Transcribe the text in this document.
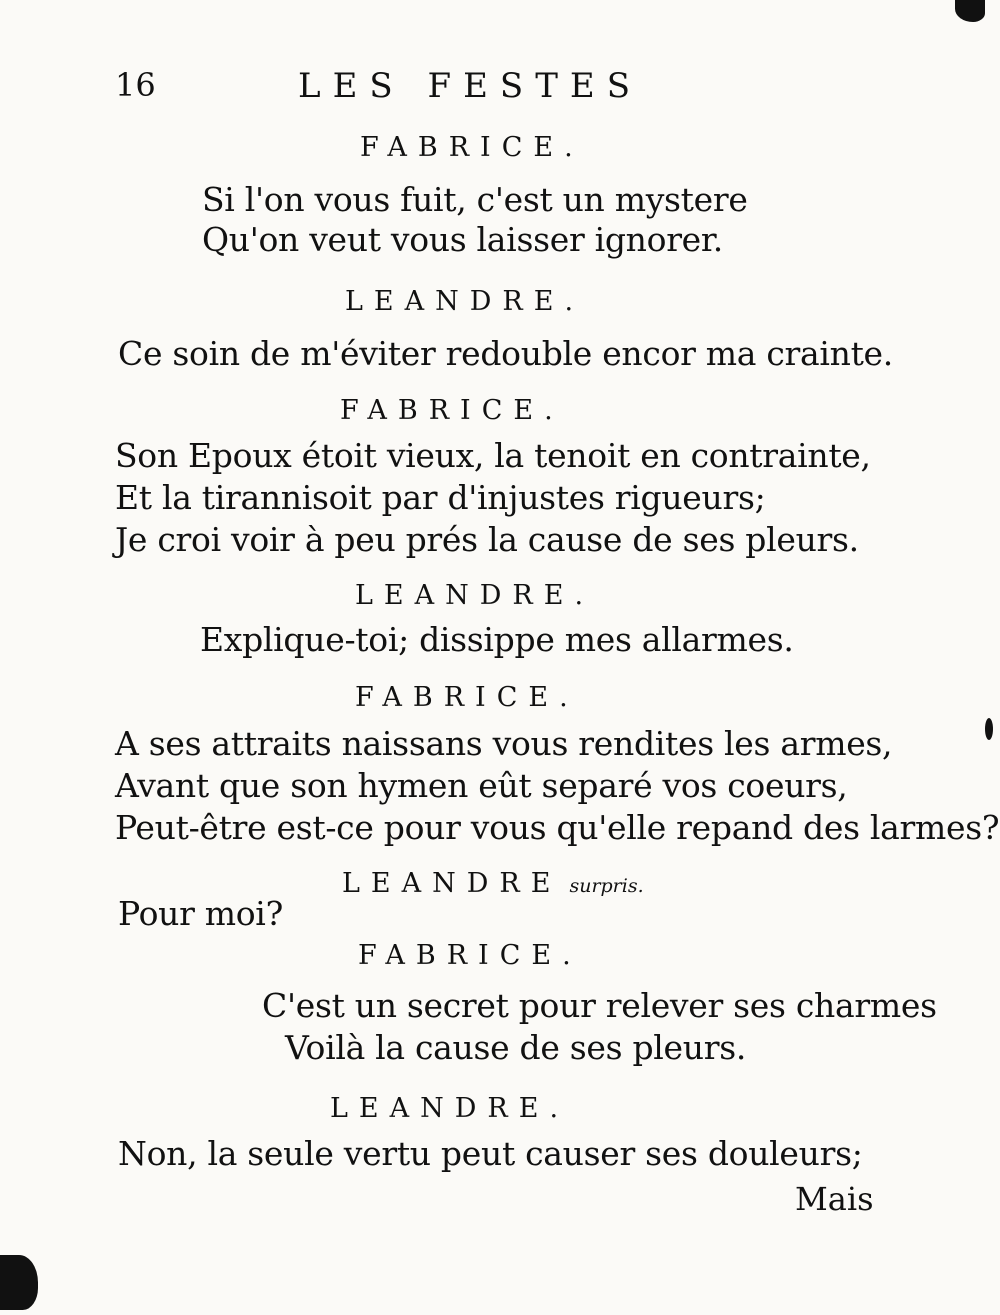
16	LES FESTES
FABRICE.
Si l'on vous fuit, c'est un mystere
Qu'on veut vous laisser ignorer.
LEANDRE.
Ce soin de m'éviter redouble encor ma crainte.
FABRICE.
Son Epoux étoit vieux, la tenoit en contrainte,
Et la tirannisoit par d'injustes rigueurs;
Je croi voir à peu prés la cause de ses pleurs.
LEANDRE.
Explique-toi; dissippe mes allarmes.
FABRICE.
A ses attraits naissans vous rendites les armes,
Avant que son hymen eût separé vos coeurs,
Peut-être est-ce pour vous qu'elle repand des larmes?
LEANDRE surpris.
Pour moi?
FABRICE.
C'est un secret pour relever ses charmes
Voilà la cause de ses pleurs.
LEANDRE.
Non, la seule vertu peut causer ses douleurs;
Mais
